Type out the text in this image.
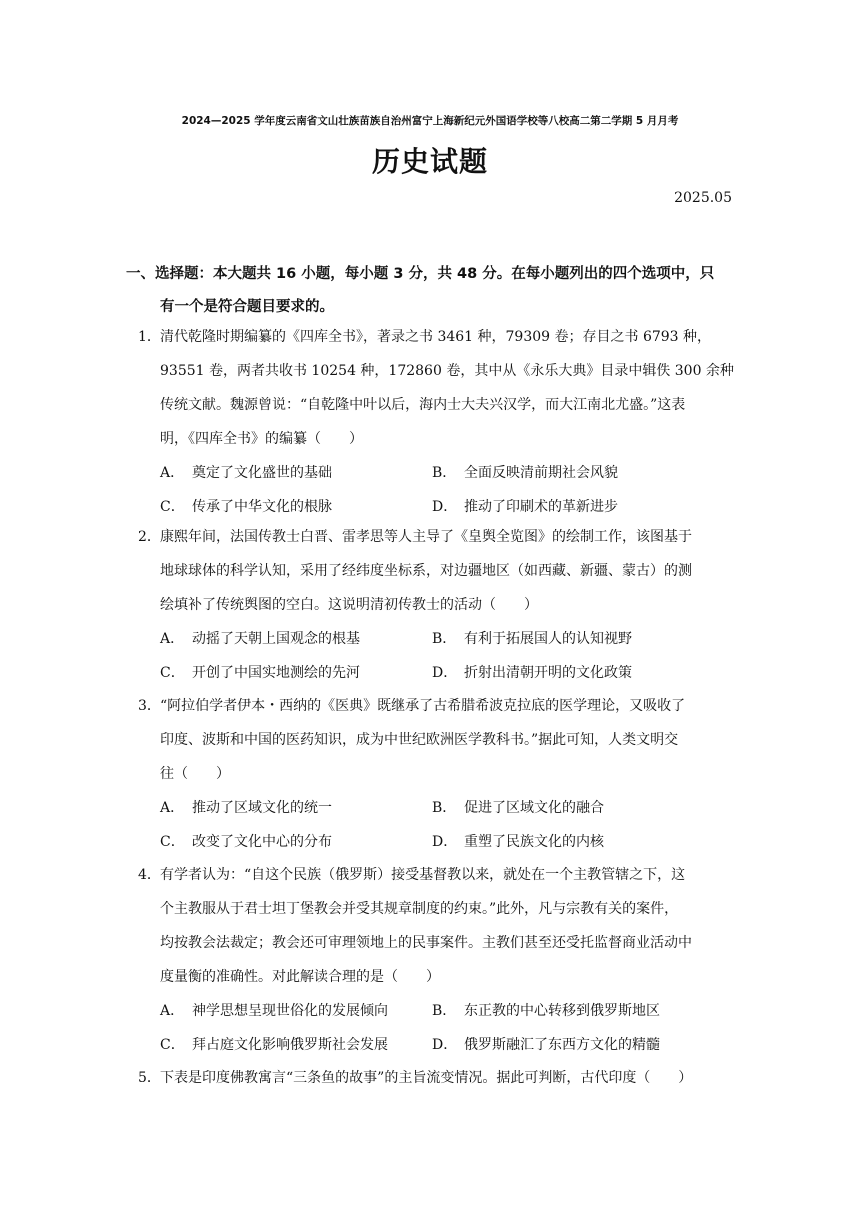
2024—2025 学年度云南省文山壮族苗族自治州富宁上海新纪元外国语学校等八校高二第二学期 5 月月考
历史试题
2025.05
一、选择题：本大题共 16 小题，每小题 3 分，共 48 分。在每小题列出的四个选项中，只
有一个是符合题目要求的。
1．清代乾隆时期编纂的《四库全书》，著录之书 3461 种，79309 卷；存目之书 6793 种，
93551 卷，两者共收书 10254 种，172860 卷，其中从《永乐大典》目录中辑佚 300 余种
传统文献。魏源曾说：“自乾隆中叶以后，海内士大夫兴汉学，而大江南北尤盛。”这表
明，《四库全书》的编纂（　　）
A． 奠定了文化盛世的基础	B． 全面反映清前期社会风貌
C． 传承了中华文化的根脉	D． 推动了印刷术的革新进步
2．康熙年间，法国传教士白晋、雷孝思等人主导了《皇舆全览图》的绘制工作，该图基于
地球球体的科学认知，采用了经纬度坐标系，对边疆地区（如西藏、新疆、蒙古）的测
绘填补了传统舆图的空白。这说明清初传教士的活动（　　）
A． 动摇了天朝上国观念的根基	B． 有利于拓展国人的认知视野
C． 开创了中国实地测绘的先河	D． 折射出清朝开明的文化政策
3．“阿拉伯学者伊本・西纳的《医典》既继承了古希腊希波克拉底的医学理论，又吸收了
印度、波斯和中国的医药知识，成为中世纪欧洲医学教科书。”据此可知，人类文明交
往（　　）
A． 推动了区域文化的统一	B． 促进了区域文化的融合
C． 改变了文化中心的分布	D． 重塑了民族文化的内核
4．有学者认为：“自这个民族（俄罗斯）接受基督教以来，就处在一个主教管辖之下，这
个主教服从于君士坦丁堡教会并受其规章制度的约束。”此外，凡与宗教有关的案件，
均按教会法裁定；教会还可审理领地上的民事案件。主教们甚至还受托监督商业活动中
度量衡的准确性。对此解读合理的是（　　）
A． 神学思想呈现世俗化的发展倾向	B． 东正教的中心转移到俄罗斯地区
C． 拜占庭文化影响俄罗斯社会发展	D． 俄罗斯融汇了东西方文化的精髓
5．下表是印度佛教寓言“三条鱼的故事”的主旨流变情况。据此可判断，古代印度（　　）
